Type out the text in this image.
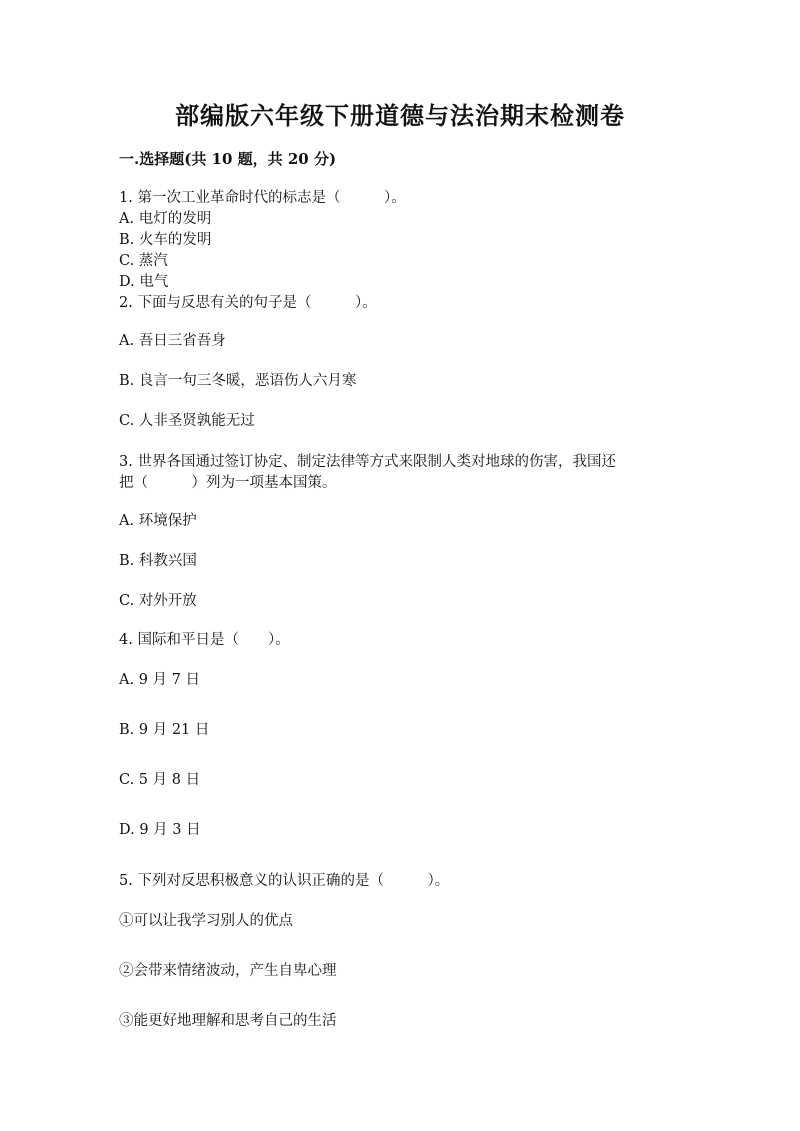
部编版六年级下册道德与法治期末检测卷
一.选择题(共 10 题，共 20 分)
1. 第一次工业革命时代的标志是（　　　）。
A. 电灯的发明
B. 火车的发明
C. 蒸汽
D. 电气
2. 下面与反思有关的句子是（　　　）。
A. 吾日三省吾身
B. 良言一句三冬暖，恶语伤人六月寒
C. 人非圣贤孰能无过
3. 世界各国通过签订协定、制定法律等方式来限制人类对地球的伤害，我国还
把（　　　）列为一项基本国策。
A. 环境保护
B. 科教兴国
C. 对外开放
4. 国际和平日是（　　）。
A. 9 月 7 日
B. 9 月 21 日
C. 5 月 8 日
D. 9 月 3 日
5. 下列对反思积极意义的认识正确的是（　　　）。
①可以让我学习别人的优点
②会带来情绪波动，产生自卑心理
③能更好地理解和思考自己的生活
